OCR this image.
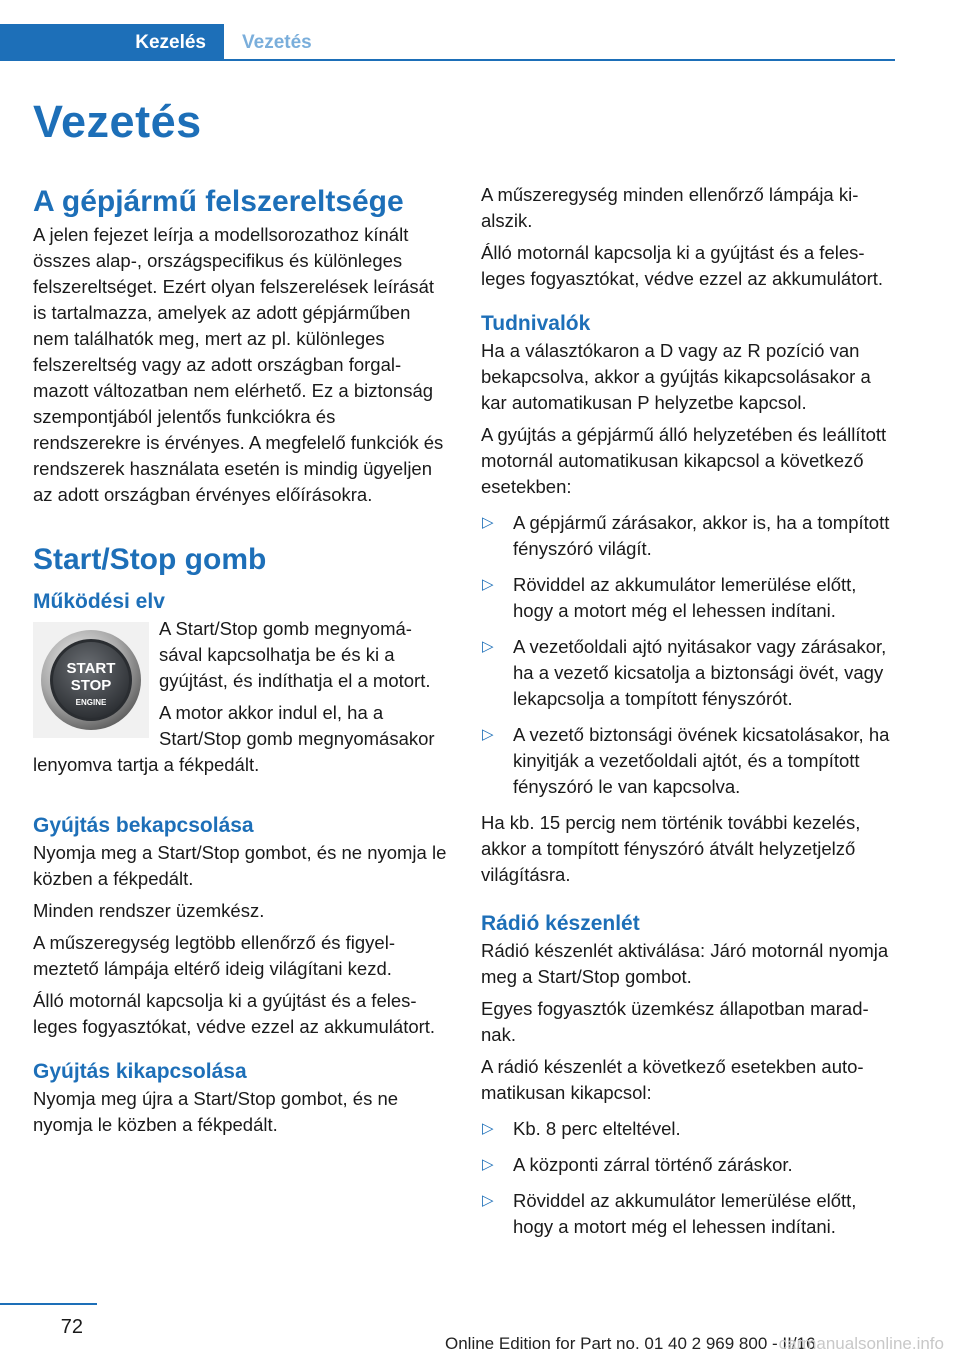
Kezelés	Vezetés
Vezetés
A gépjármű felszereltsége

A jelen fejezet leírja a modellsorozathoz kínált összes alap-, országspecifikus és különleges felszereltséget. Ezért olyan felszerelések leírását is tartalmazza, amelyek az adott gépjárműben nem találhatók meg, mert az pl. különleges felszereltség vagy az adott országban forgalmazott változatban nem elérhető. Ez a biztonság szempontjából jelentős funkciókra és rendszerekre is érvényes. A megfelelő funkciók és rendszerek használata esetén is mindig ügyeljen az adott országban érvényes előírásokra.

Start/Stop gomb
Működési elv
START
STOP
ENGINE

A Start/Stop gomb megnyomásával kapcsolhatja be és ki a gyújtást, és indíthatja el a motort.

A motor akkor indul el, ha a Start/Stop gomb megnyomásakor lenyomva tartja a fékpedált.

Gyújtás bekapcsolása

Nyomja meg a Start/Stop gombot, és ne nyomja le közben a fékpedált.

Minden rendszer üzemkész.

A műszeregység legtöbb ellenőrző és figyelmeztető lámpája eltérő ideig világítani kezd.

Álló motornál kapcsolja ki a gyújtást és a felesleges fogyasztókat, védve ezzel az akkumulátort.

Gyújtás kikapcsolása

Nyomja meg újra a Start/Stop gombot, és ne nyomja le közben a fékpedált.

A műszeregység minden ellenőrző lámpája kialszik.

Álló motornál kapcsolja ki a gyújtást és a felesleges fogyasztókat, védve ezzel az akkumulátort.

Tudnivalók

Ha a választókaron a D vagy az R pozíció van bekapcsolva, akkor a gyújtás kikapcsolásakor a kar automatikusan P helyzetbe kapcsol.

A gyújtás a gépjármű álló helyzetében és leállított motornál automatikusan kikapcsol a következő esetekben:

▷ A gépjármű zárásakor, akkor is, ha a tompított fényszóró világít.
▷ Röviddel az akkumulátor lemerülése előtt, hogy a motort még el lehessen indítani.
▷ A vezetőoldali ajtó nyitásakor vagy zárásakor, ha a vezető kicsatolja a biztonsági övét, vagy lekapcsolja a tompított fényszórót.
▷ A vezető biztonsági övének kicsatolásakor, ha kinyitják a vezetőoldali ajtót, és a tompított fényszóró le van kapcsolva.

Ha kb. 15 percig nem történik további kezelés, akkor a tompított fényszóró átvált helyzetjelző világításra.

Rádió készenlét

Rádió készenlét aktiválása: Járó motornál nyomja meg a Start/Stop gombot.

Egyes fogyasztók üzemkész állapotban maradnak.

A rádió készenlét a következő esetekben automatikusan kikapcsol:

▷ Kb. 8 perc elteltével.
▷ A központi zárral történő záráskor.
▷ Röviddel az akkumulátor lemerülése előtt, hogy a motort még el lehessen indítani.
72
Online Edition for Part no. 01 40 2 969 800 - II/16
carmanualsonline.info
